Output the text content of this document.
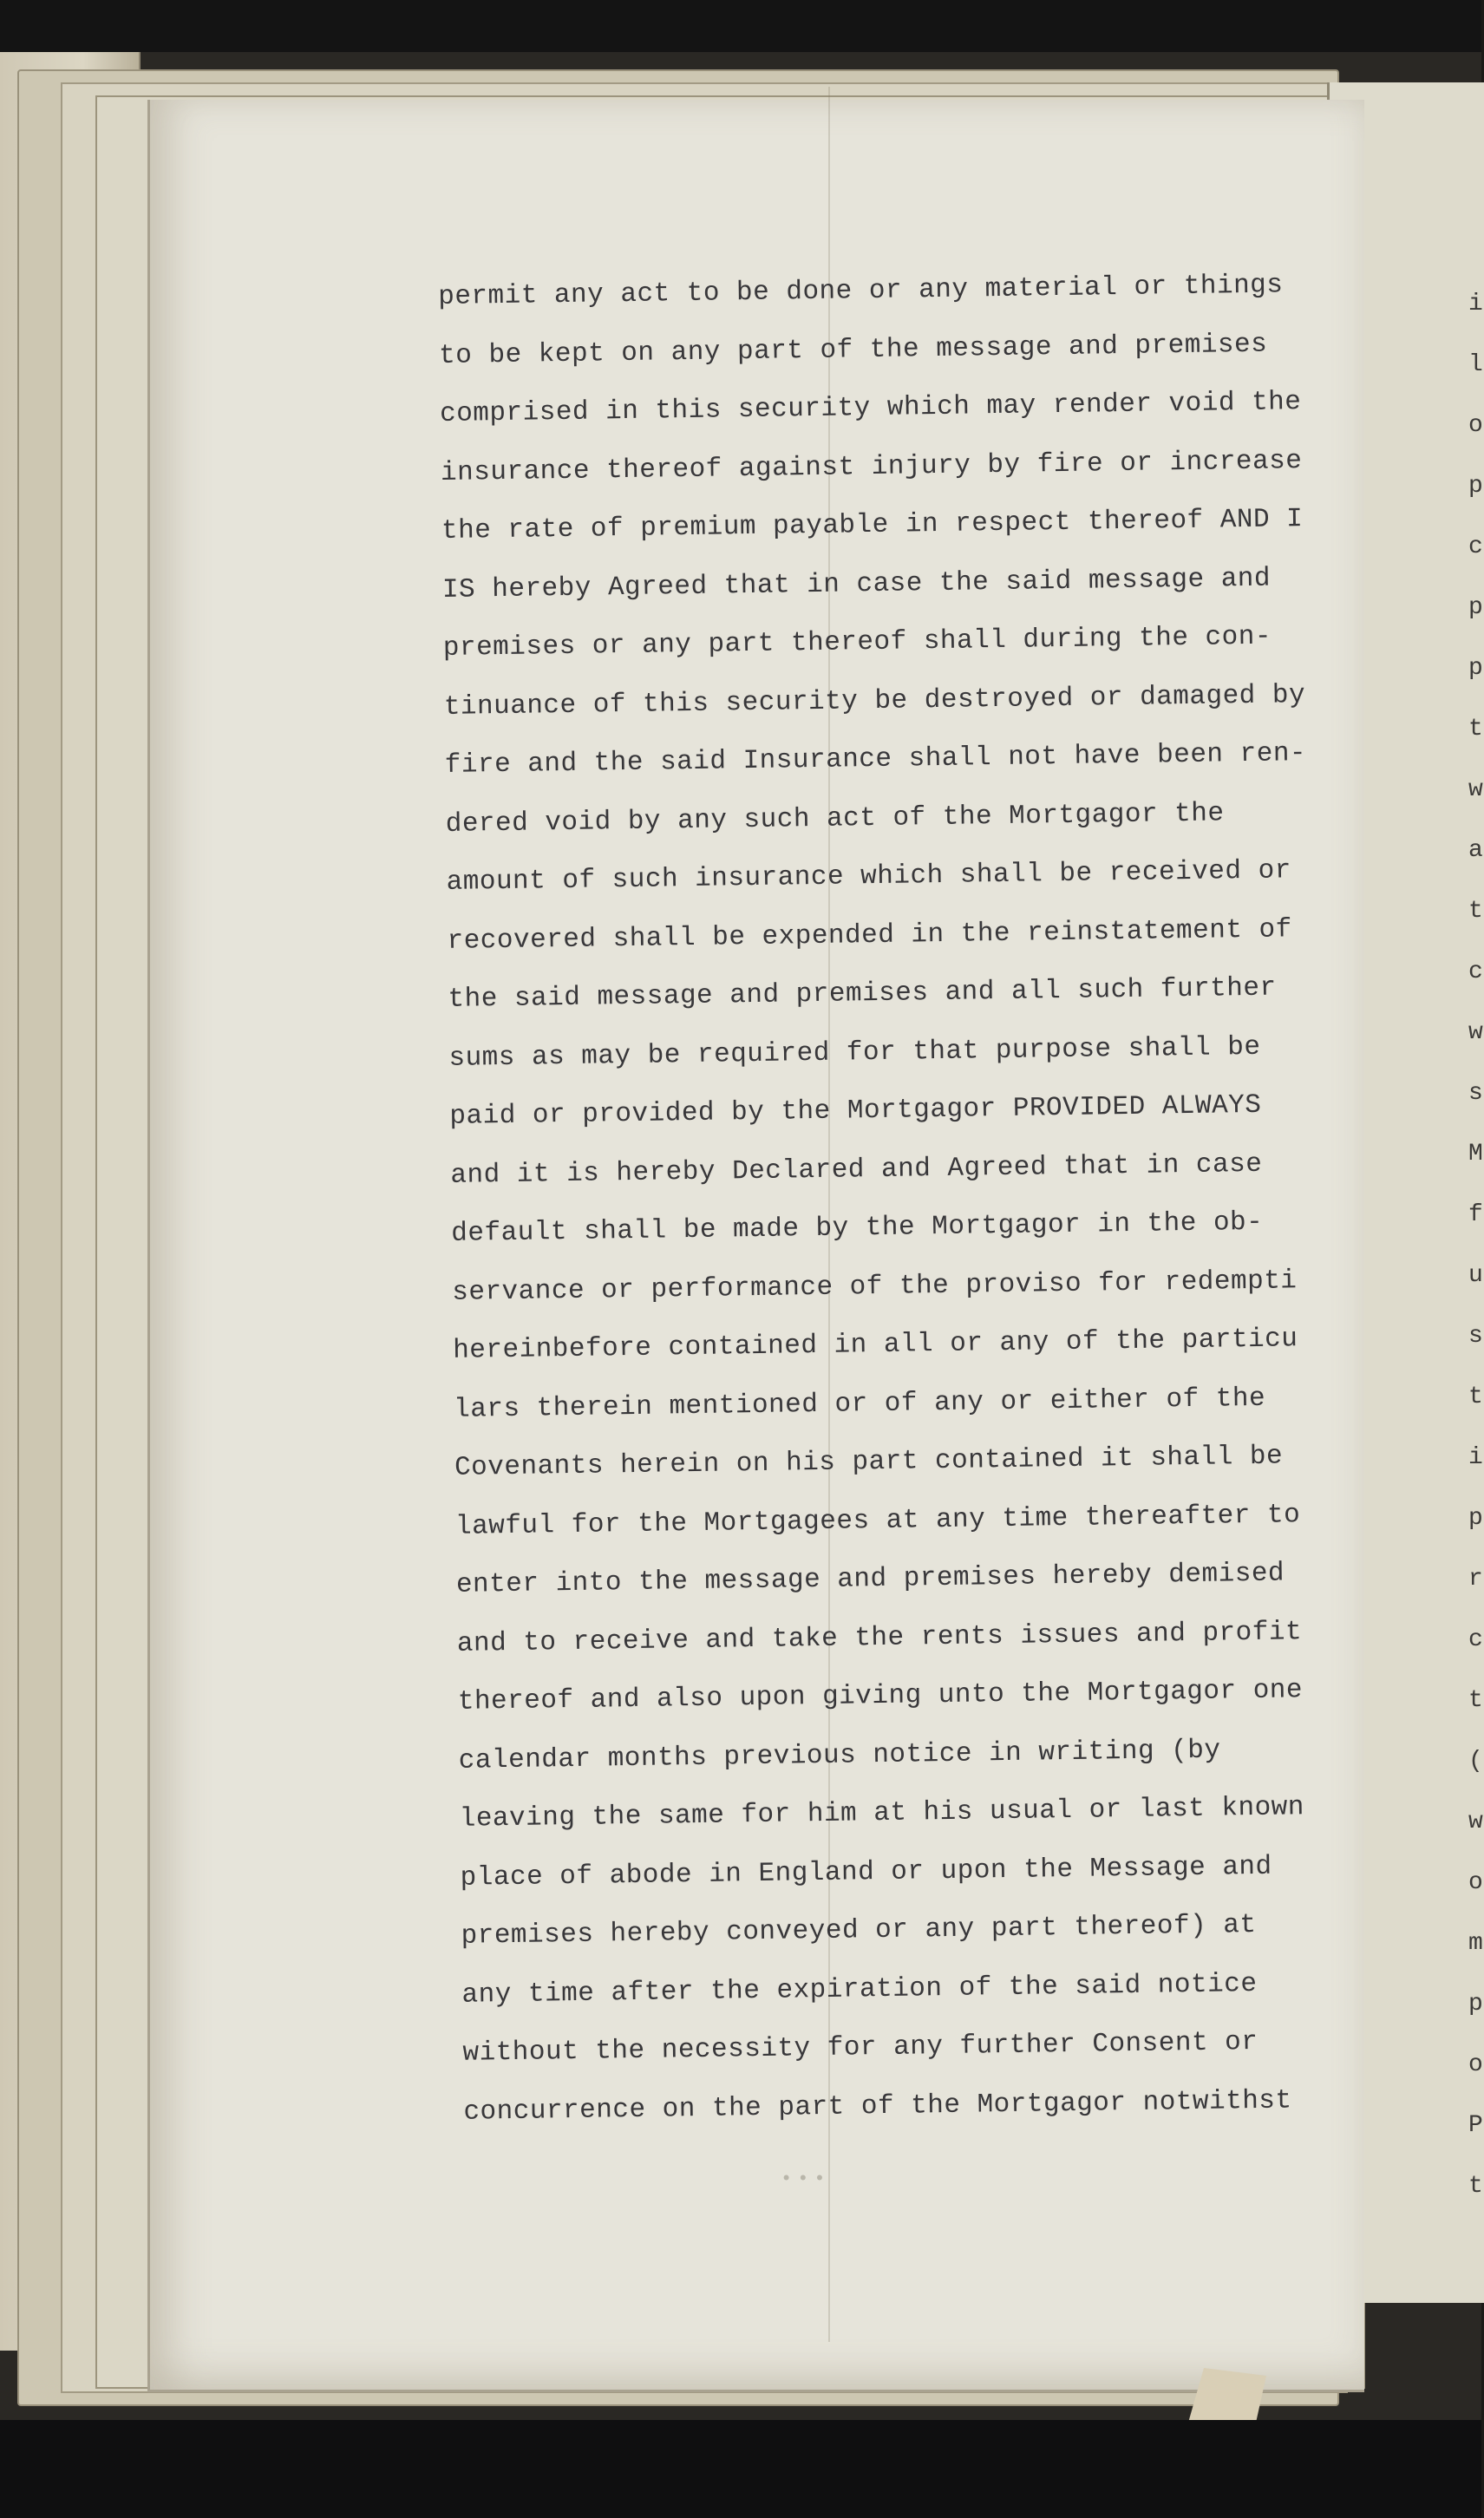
i
l
o
p
c
p
p
t
w
a
t
c
w
s
M
f
u
s
t
i
p
r
c
t
(
w
o
m
p
o
P
t
permit any act to be done or any material or things
to be kept on any part of the message and premises
comprised in this security which may render void the
insurance thereof against injury by fire or increase
the rate of premium payable in respect thereof AND I
IS hereby Agreed that in case the said message and
premises or any part thereof shall during the con-
tinuance of this security be destroyed or damaged by
fire and the said Insurance shall not have been ren-
dered void by any such act of the Mortgagor the
amount of such insurance which shall be received or
recovered shall be expended in the reinstatement of
the said message and premises and all such further
sums as may be required for that purpose shall be
paid or provided by the Mortgagor PROVIDED ALWAYS
and it is hereby Declared and Agreed that in case
default shall be made by the Mortgagor in the ob-
servance or performance of the proviso for redempti
hereinbefore contained in all or any of the particu
lars therein mentioned or of any or either of the
Covenants herein on his part contained it shall be
lawful for the Mortgagees at any time thereafter to
enter into the message and premises hereby demised
and to receive and take the rents issues and profit
thereof and also upon giving unto the Mortgagor one
calendar months previous notice in writing (by
leaving the same for him at his usual or last known
place of abode in England or upon the Message and
premises hereby conveyed or any part thereof) at
any time after the expiration of the said notice
without the necessity for any further Consent or
concurrence on the part of the Mortgagor notwithst
•••
